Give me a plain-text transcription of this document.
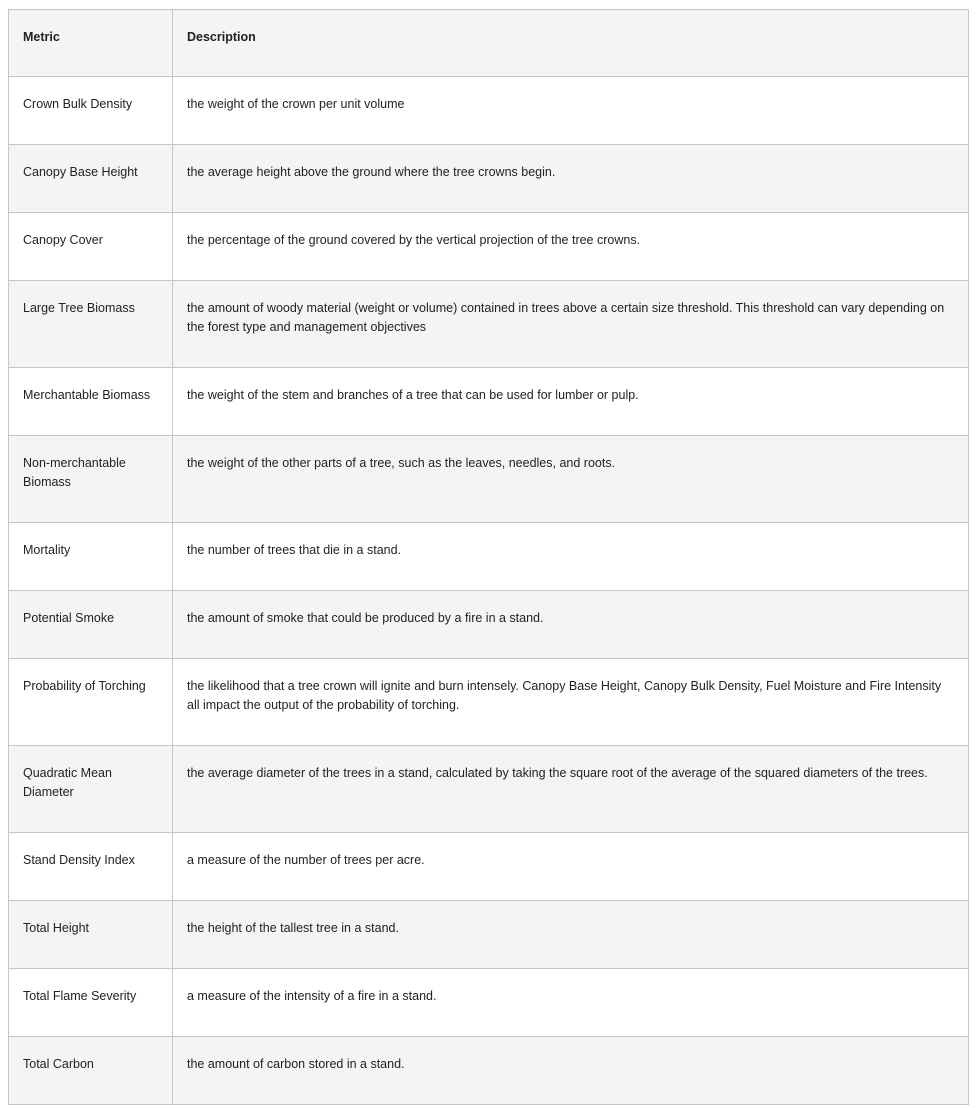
Metric	Description
Crown Bulk Density	the weight of the crown per unit volume
Canopy Base Height	the average height above the ground where the tree crowns begin.
Canopy Cover	the percentage of the ground covered by the vertical projection of the tree crowns.
Large Tree Biomass	the amount of woody material (weight or volume) contained in trees above a certain size threshold. This threshold can vary depending on the forest type and management objectives
Merchantable Biomass	the weight of the stem and branches of a tree that can be used for lumber or pulp.
Non-merchantable Biomass	the weight of the other parts of a tree, such as the leaves, needles, and roots.
Mortality	the number of trees that die in a stand.
Potential Smoke	the amount of smoke that could be produced by a fire in a stand.
Probability of Torching	the likelihood that a tree crown will ignite and burn intensely. Canopy Base Height, Canopy Bulk Density, Fuel Moisture and Fire Intensity all impact the output of the probability of torching.
Quadratic Mean Diameter	the average diameter of the trees in a stand, calculated by taking the square root of the average of the squared diameters of the trees.
Stand Density Index	a measure of the number of trees per acre.
Total Height	the height of the tallest tree in a stand.
Total Flame Severity	a measure of the intensity of a fire in a stand.
Total Carbon	the amount of carbon stored in a stand.
